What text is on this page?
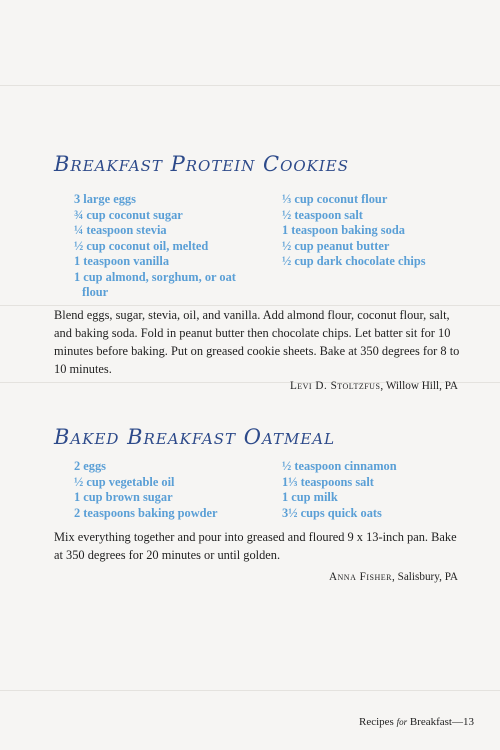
Breakfast Protein Cookies
3 large eggs
¾ cup coconut sugar
¼ teaspoon stevia
½ cup coconut oil, melted
1 teaspoon vanilla
1 cup almond, sorghum, or oat flour
⅓ cup coconut flour
½ teaspoon salt
1 teaspoon baking soda
½ cup peanut butter
½ cup dark chocolate chips

Blend eggs, sugar, stevia, oil, and vanilla. Add almond flour, coconut flour, salt, and baking soda. Fold in peanut butter then chocolate chips. Let batter sit for 10 minutes before baking. Put on greased cookie sheets. Bake at 350 degrees for 8 to 10 minutes.

Levi D. Stoltzfus, Willow Hill, PA
Baked Breakfast Oatmeal
2 eggs
½ cup vegetable oil
1 cup brown sugar
2 teaspoons baking powder
½ teaspoon cinnamon
1⅓ teaspoons salt
1 cup milk
3½ cups quick oats

Mix everything together and pour into greased and floured 9 x 13-inch pan. Bake at 350 degrees for 20 minutes or until golden.

Anna Fisher, Salisbury, PA
Recipes for Breakfast—13
